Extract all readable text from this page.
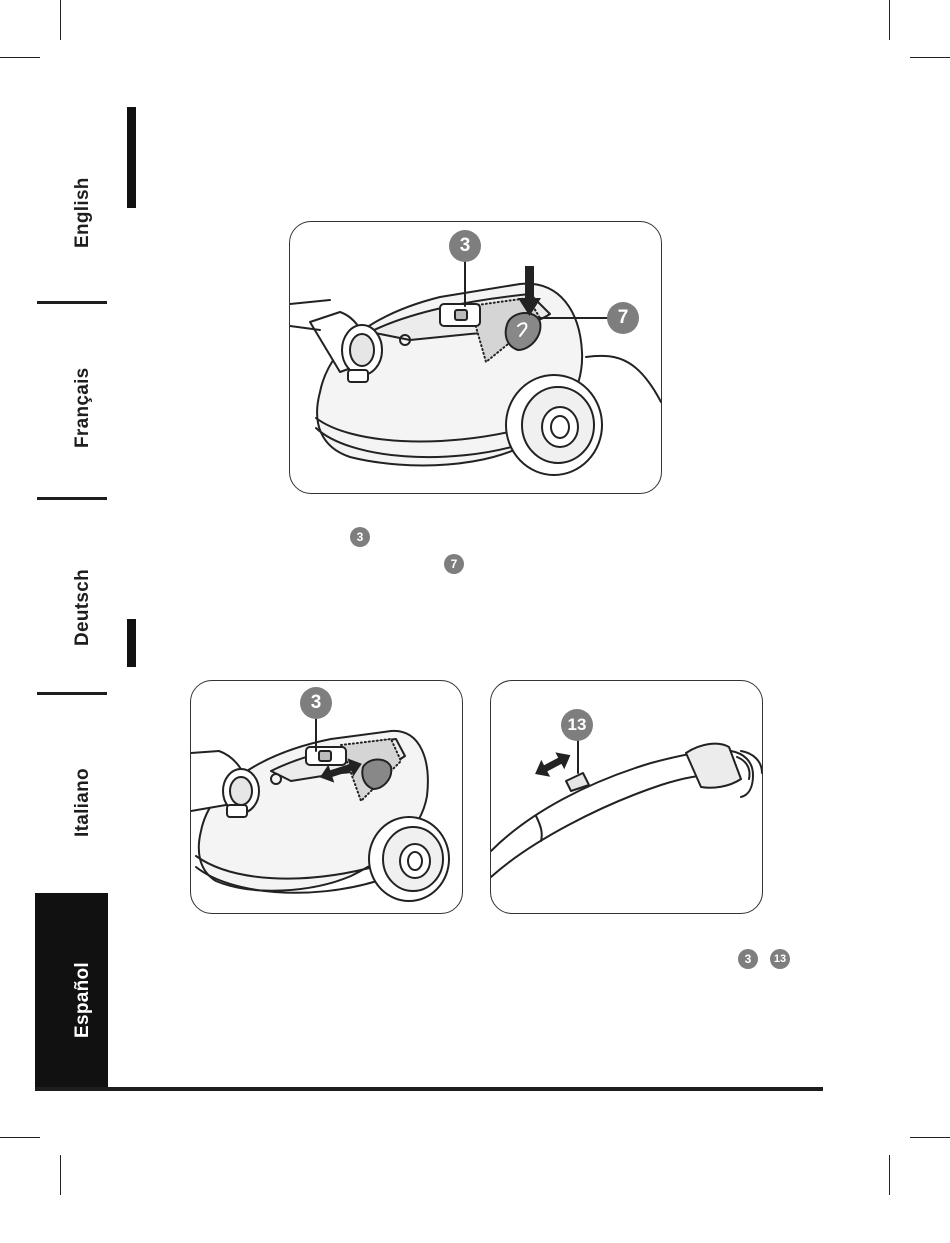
English
Français
Deutsch
Italiano
Español
3
7
3
7
3
13
3	13
